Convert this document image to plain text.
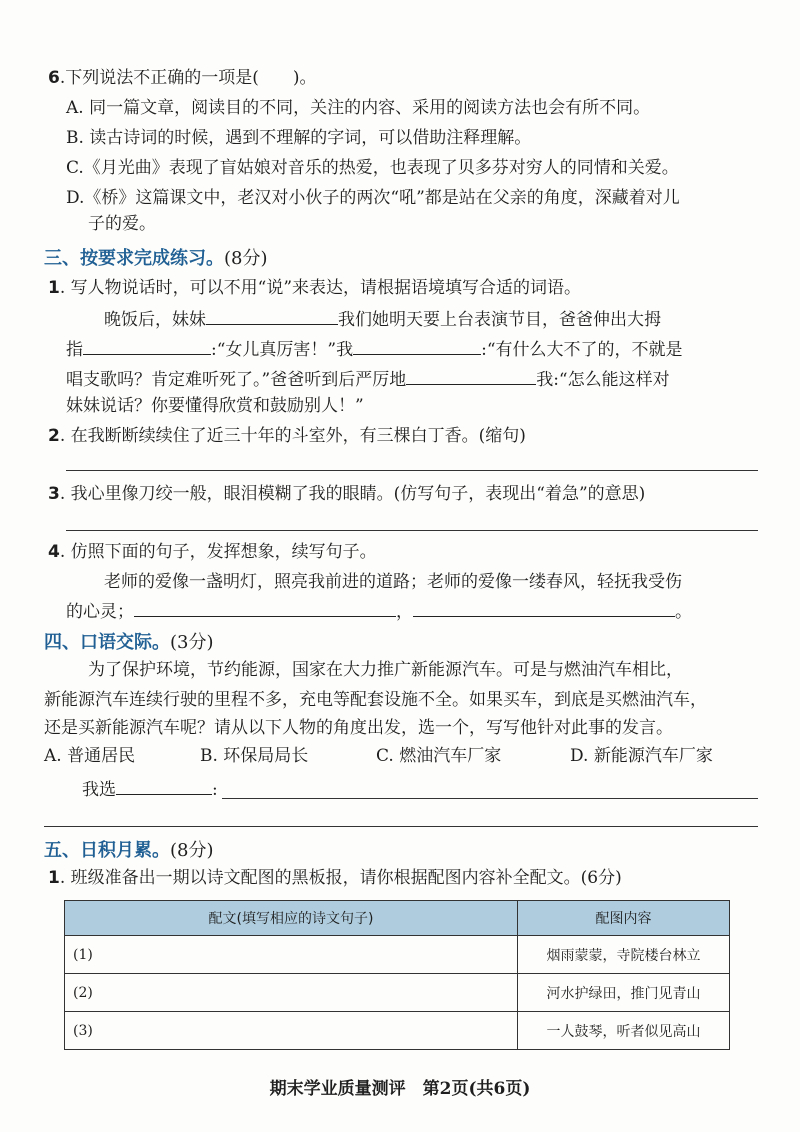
6.下列说法不正确的一项是(　　)。
A. 同一篇文章，阅读目的不同，关注的内容、采用的阅读方法也会有所不同。
B. 读古诗词的时候，遇到不理解的字词，可以借助注释理解。
C.《月光曲》表现了盲姑娘对音乐的热爱，也表现了贝多芬对穷人的同情和关爱。
D.《桥》这篇课文中，老汉对小伙子的两次“吼”都是站在父亲的角度，深藏着对儿
子的爱。
三、按要求完成练习。(8分)
1. 写人物说话时，可以不用“说”来表达，请根据语境填写合适的词语。
晚饭后，妹妹	我们她明天要上台表演节目，爸爸伸出大拇
指	:“女儿真厉害！”我	:“有什么大不了的，不就是
唱支歌吗？肯定难听死了。”爸爸听到后严厉地	我:“怎么能这样对
妹妹说话？你要懂得欣赏和鼓励别人！”
2. 在我断断续续住了近三十年的斗室外，有三棵白丁香。(缩句)
3. 我心里像刀绞一般，眼泪模糊了我的眼睛。(仿写句子，表现出“着急”的意思)
4. 仿照下面的句子，发挥想象，续写句子。
老师的爱像一盏明灯，照亮我前进的道路；老师的爱像一缕春风，轻抚我受伤
的心灵；	，	。
四、口语交际。(3分)
为了保护环境，节约能源，国家在大力推广新能源汽车。可是与燃油汽车相比，
新能源汽车连续行驶的里程不多，充电等配套设施不全。如果买车，到底是买燃油汽车，
还是买新能源汽车呢？请从以下人物的角度出发，选一个，写写他针对此事的发言。
A. 普通居民	B. 环保局局长	C. 燃油汽车厂家	D. 新能源汽车厂家
我选	:
五、日积月累。(8分)
1. 班级准备出一期以诗文配图的黑板报，请你根据配图内容补全配文。(6分)
配文(填写相应的诗文句子)	配图内容
(1)	烟雨蒙蒙，寺院楼台林立
(2)	河水护绿田，推门见青山
(3)	一人鼓琴，听者似见高山
期末学业质量测评　第2页(共6页)
